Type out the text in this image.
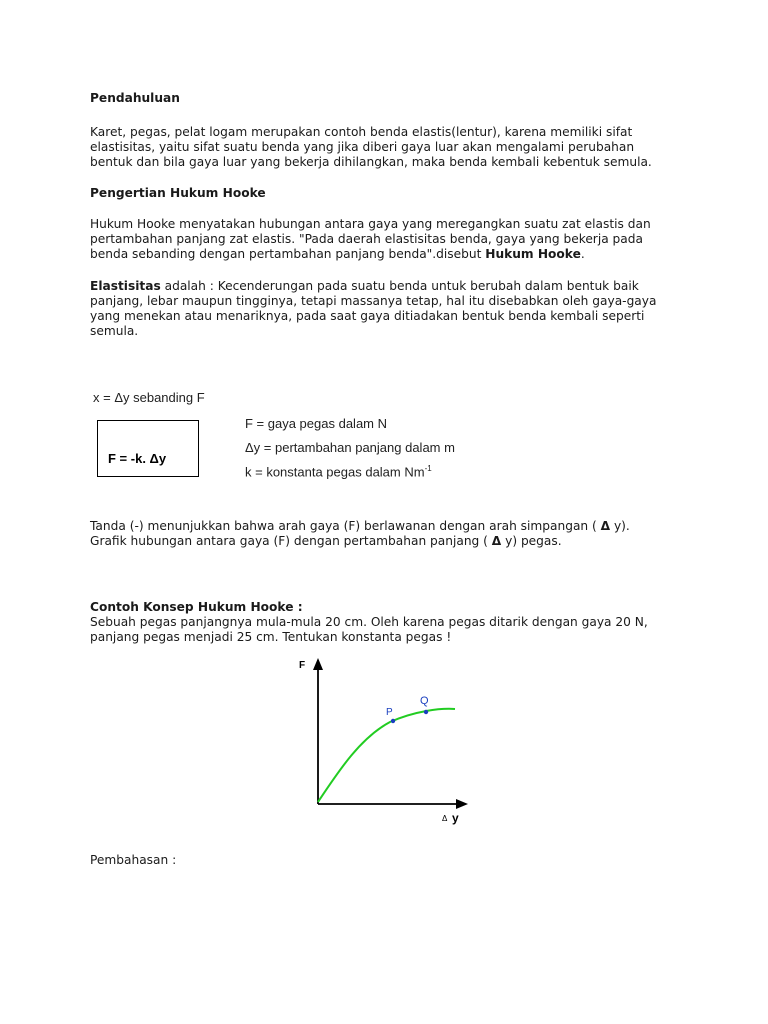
Pendahuluan
Karet, pegas, pelat logam merupakan contoh benda elastis(lentur), karena memiliki sifat
elastisitas, yaitu sifat suatu benda yang jika diberi gaya luar akan mengalami perubahan
bentuk dan bila gaya luar yang bekerja dihilangkan, maka benda kembali kebentuk semula.
Pengertian Hukum Hooke
Hukum Hooke menyatakan hubungan antara gaya yang meregangkan suatu zat elastis dan
pertambahan panjang zat elastis. "Pada daerah elastisitas benda, gaya yang bekerja pada
benda sebanding dengan pertambahan panjang benda".disebut Hukum Hooke.
Elastisitas adalah : Kecenderungan pada suatu benda untuk berubah dalam bentuk baik
panjang, lebar maupun tingginya, tetapi massanya tetap, hal itu disebabkan oleh gaya-gaya
yang menekan atau menariknya, pada saat gaya ditiadakan bentuk benda kembali seperti
semula.
x = Δy sebanding F
F = -k. Δy
F = gaya pegas dalam N
Δy = pertambahan panjang dalam m
k = konstanta pegas dalam $Nm^{-1}$
Tanda (-) menunjukkan bahwa arah gaya (F) berlawanan dengan arah simpangan ( Δ y).
Grafik hubungan antara gaya (F) dengan pertambahan panjang ( Δ y) pegas.
Contoh Konsep Hukum Hooke :
Sebuah pegas panjangnya mula-mula 20 cm. Oleh karena pegas ditarik dengan gaya 20 N,
panjang pegas menjadi 25 cm. Tentukan konstanta pegas !
P
Q
F
Δ y
Pembahasan :
